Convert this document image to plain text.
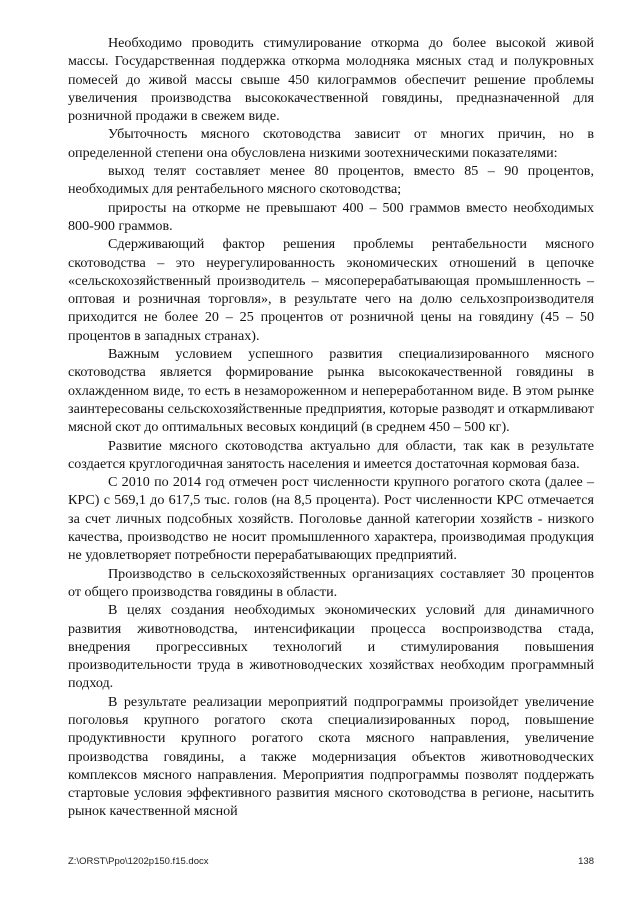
Необходимо проводить стимулирование откорма до более высокой живой массы. Государственная поддержка откорма молодняка мясных стад и полукровных помесей до живой массы свыше 450 килограммов обеспечит решение проблемы увеличения производства высококачественной говядины, предназначенной для розничной продажи в свежем виде.

Убыточность мясного скотоводства зависит от многих причин, но в определенной степени она обусловлена низкими зоотехническими показателями:

выход телят составляет менее 80 процентов, вместо 85 – 90 процентов, необходимых для рентабельного мясного скотоводства;

приросты на откорме не превышают 400 – 500 граммов вместо необходимых 800-900 граммов.

Сдерживающий фактор решения проблемы рентабельности мясного скотоводства – это неурегулированность экономических отношений в цепочке «сельскохозяйственный производитель – мясоперерабатывающая промышленность – оптовая и розничная торговля», в результате чего на долю сельхозпроизводителя приходится не более 20 – 25 процентов от розничной цены на говядину (45 – 50 процентов в западных странах).

Важным условием успешного развития специализированного мясного скотоводства является формирование рынка высококачественной говядины в охлажденном виде, то есть в незамороженном и непереработанном виде. В этом рынке заинтересованы сельскохозяйственные предприятия, которые разводят и откармливают мясной скот до оптимальных весовых кондиций (в среднем 450 – 500 кг).

Развитие мясного скотоводства актуально для области, так как в результате создается круглогодичная занятость населения и имеется достаточная кормовая база.

С 2010 по 2014 год отмечен рост численности крупного рогатого скота (далее – КРС) с 569,1 до 617,5 тыс. голов (на 8,5 процента). Рост численности КРС отмечается за счет личных подсобных хозяйств. Поголовье данной категории хозяйств - низкого качества, производство не носит промышленного характера, производимая продукция не удовлетворяет потребности перерабатывающих предприятий.

Производство в сельскохозяйственных организациях составляет 30 процентов от общего производства говядины в области.

В целях создания необходимых экономических условий для динамичного развития животноводства, интенсификации процесса воспроизводства стада, внедрения прогрессивных технологий и стимулирования повышения производительности труда в животноводческих хозяйствах необходим программный подход.

В результате реализации мероприятий подпрограммы произойдет увеличение поголовья крупного рогатого скота специализированных пород, повышение продуктивности крупного рогатого скота мясного направления, увеличение производства говядины, а также модернизация объектов животноводческих комплексов мясного направления. Мероприятия подпрограммы позволят поддержать стартовые условия эффективного развития мясного скотоводства в регионе, насытить рынок качественной мясной

Z:\ORST\Ppo\1202p150.f15.docx	138
